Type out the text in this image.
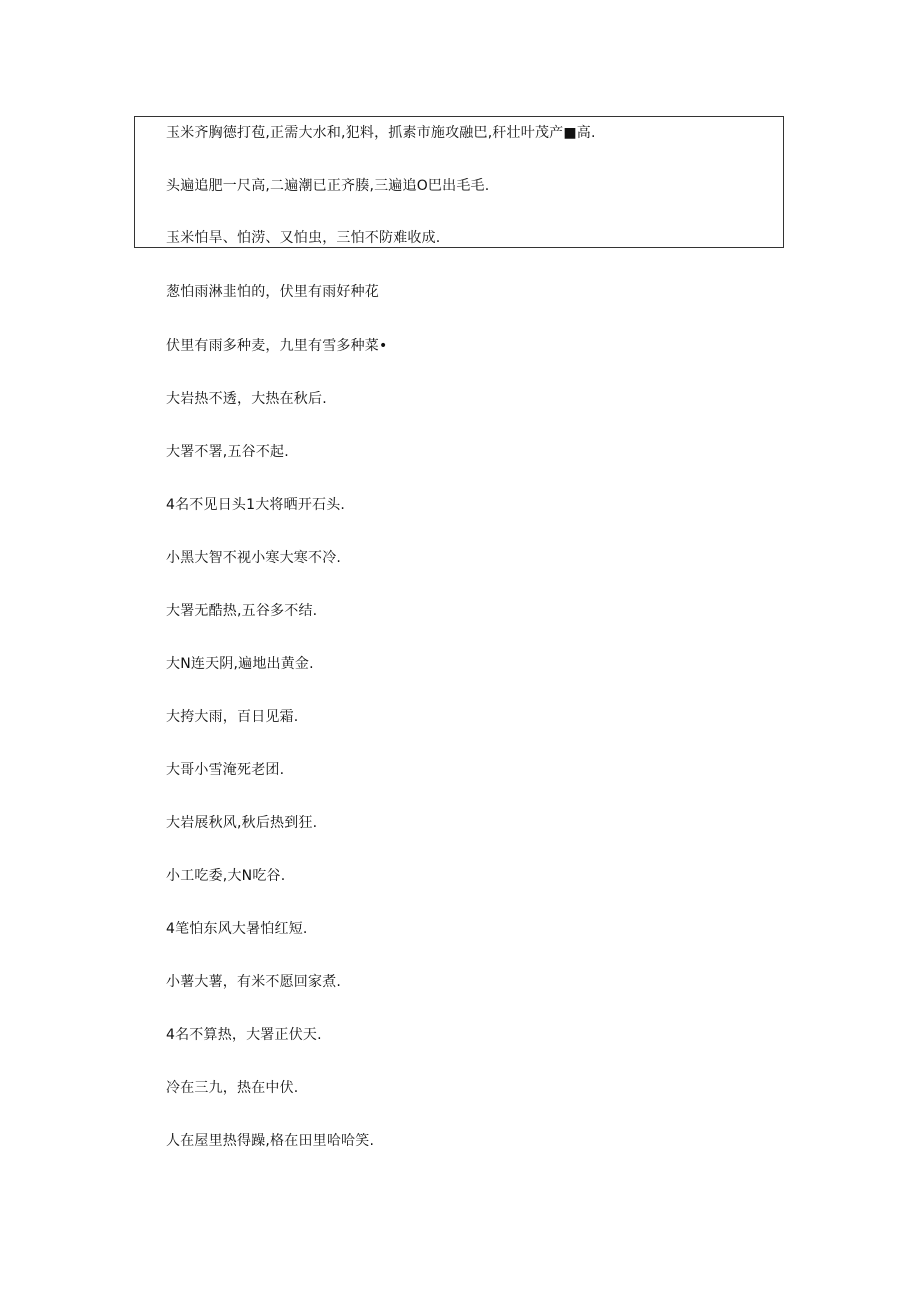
玉米齐胸德打苞,正需大水和,犯料，抓素市施攻融巴,秆壮叶茂产■高.
头遍追肥一尺高,二遍潮已正齐腠,三遍追O巴出毛毛.
玉米怕旱、怕涝、又怕虫，三怕不防难收成.
葱怕雨淋韭怕的，伏里有雨好种花
伏里有雨多种麦，九里有雪多种菜•
大岩热不透，大热在秋后.
大署不署,五谷不起.
4名不见日头1大将晒开石头.
小黑大智不视小寒大寒不冷.
大署无酷热,五谷多不结.
大N连天阴,遍地出黄金.
大挎大雨，百日见霜.
大哥小雪淹死老团.
大岩展秋风,秋后热到狂.
小工吃委,大N吃谷.
4笔怕东风大暑怕红短.
小薯大薯，有米不愿回家煮.
4名不算热，大署正伏天.
冷在三九，热在中伏.
人在屋里热得躁,格在田里哈哈笑.
